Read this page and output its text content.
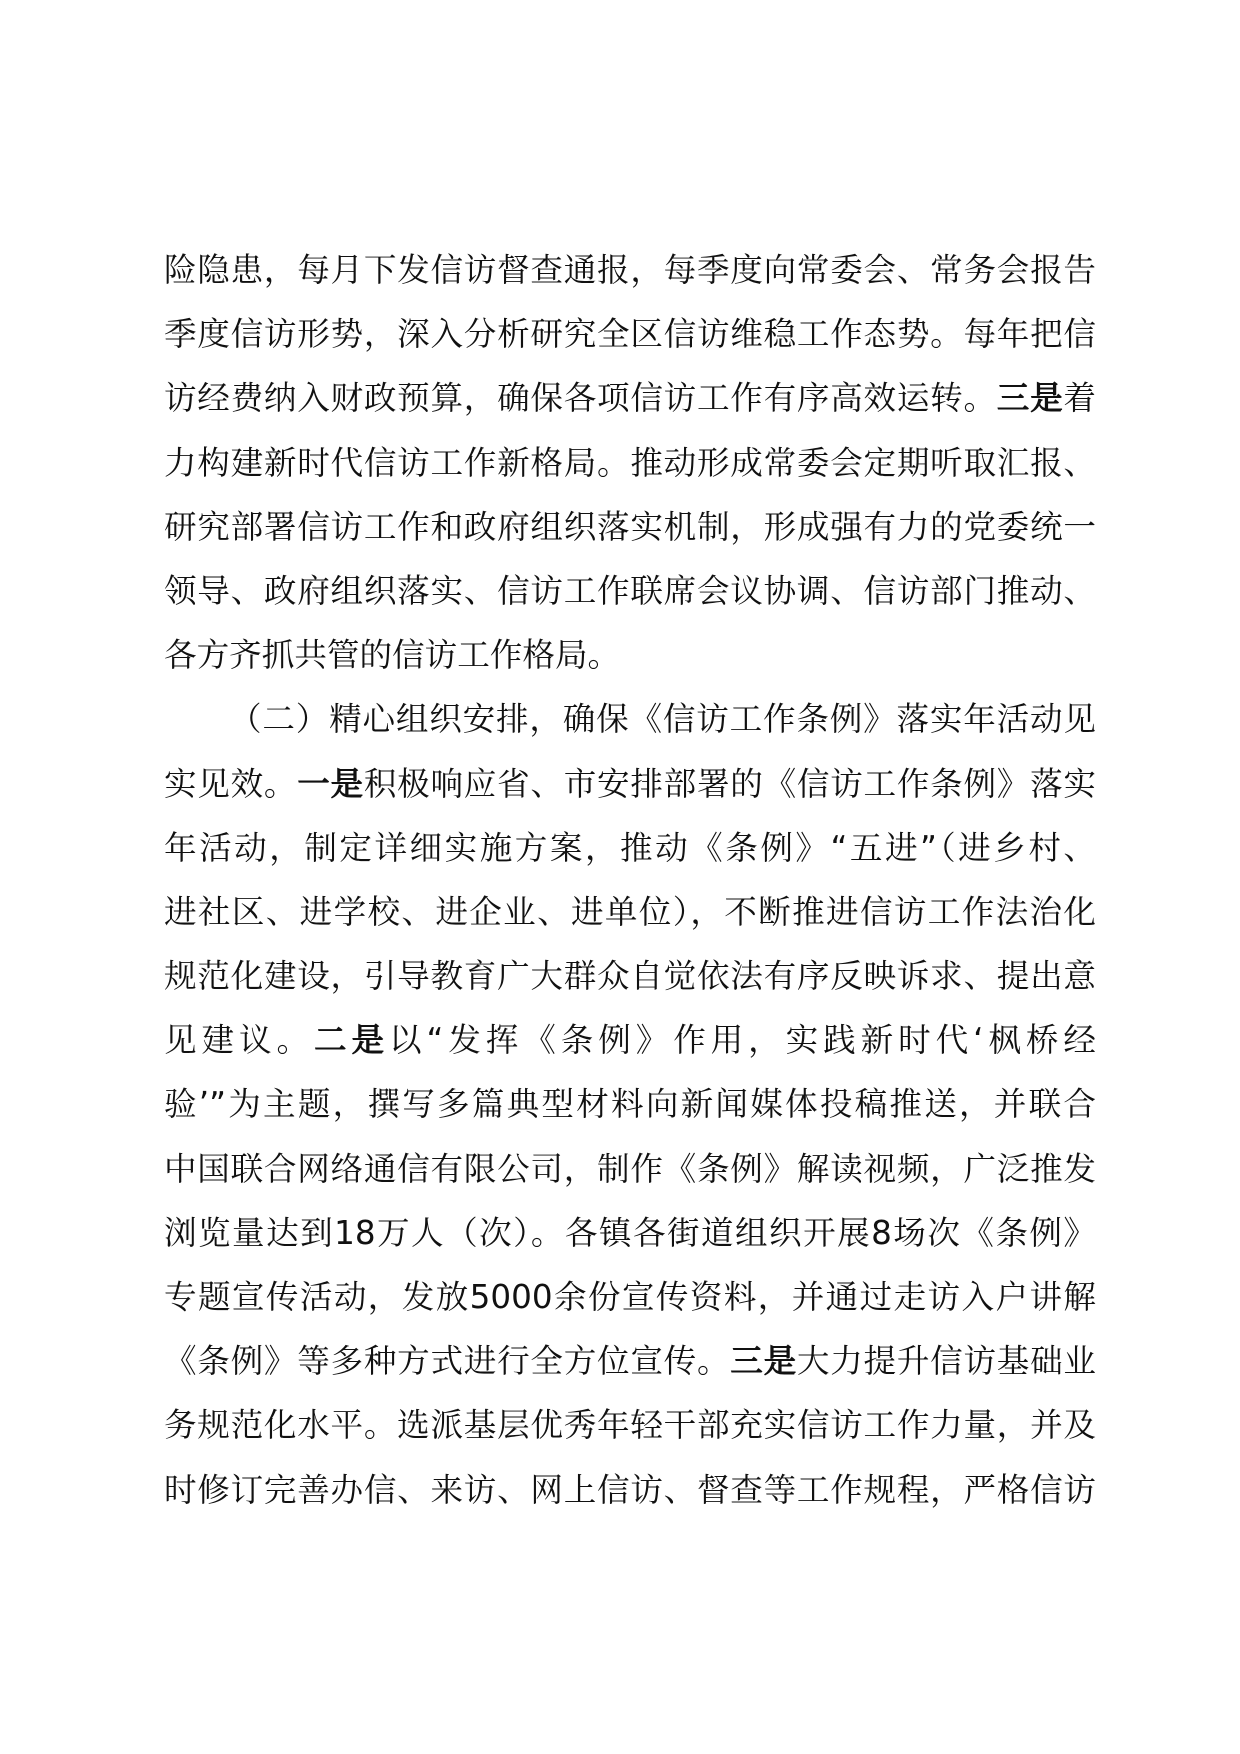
险隐患，每月下发信访督查通报，每季度向常委会、常务会报告
季度信访形势，深入分析研究全区信访维稳工作态势。每年把信
访经费纳入财政预算，确保各项信访工作有序高效运转。三是着
力构建新时代信访工作新格局。推动形成常委会定期听取汇报、
研究部署信访工作和政府组织落实机制，形成强有力的党委统一
领导、政府组织落实、信访工作联席会议协调、信访部门推动、
各方齐抓共管的信访工作格局。
（二）精心组织安排，确保《信访工作条例》落实年活动见
实见效。一是积极响应省、市安排部署的《信访工作条例》落实
年活动，制定详细实施方案，推动《条例》“五进”（进乡村、
进社区、进学校、进企业、进单位），不断推进信访工作法治化
规范化建设，引导教育广大群众自觉依法有序反映诉求、提出意
见建议。二是以“发挥《条例》作用，实践新时代‘枫桥经
验’”为主题，撰写多篇典型材料向新闻媒体投稿推送，并联合
中国联合网络通信有限公司，制作《条例》解读视频，广泛推发
浏览量达到18万人（次）。各镇各街道组织开展8场次《条例》
专题宣传活动，发放5000余份宣传资料，并通过走访入户讲解
《条例》等多种方式进行全方位宣传。三是大力提升信访基础业
务规范化水平。选派基层优秀年轻干部充实信访工作力量，并及
时修订完善办信、来访、网上信访、督查等工作规程，严格信访
